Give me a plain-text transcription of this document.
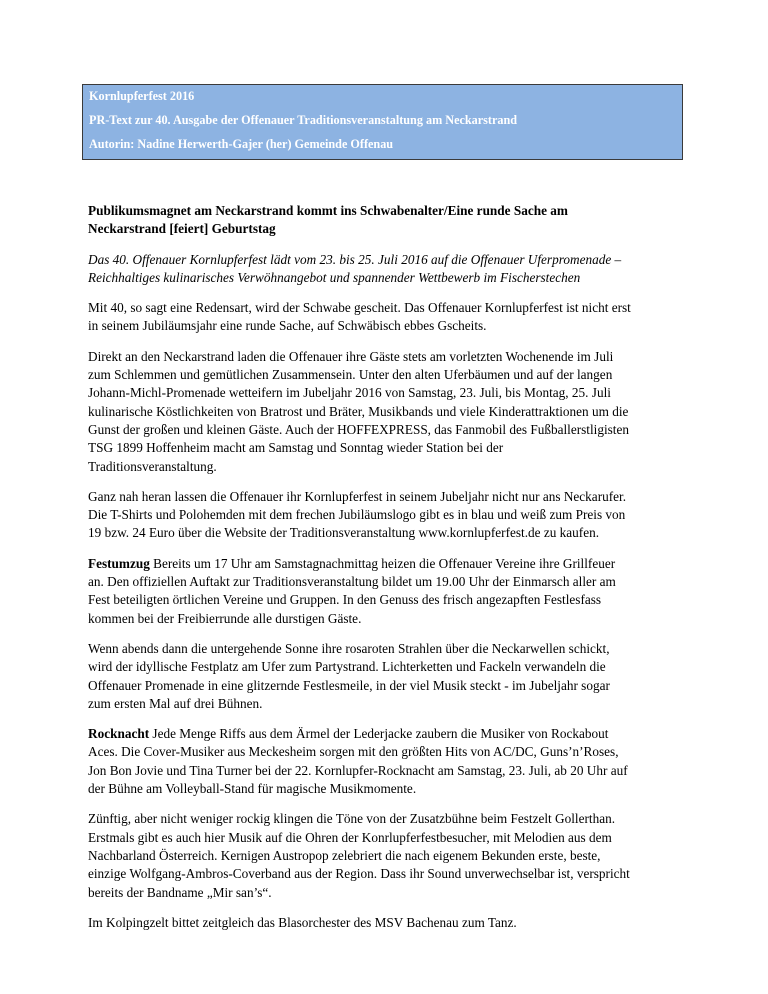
Kornlupferfest 2016
PR-Text zur 40. Ausgabe der Offenauer Traditionsveranstaltung am Neckarstrand
Autorin: Nadine Herwerth-Gajer (her) Gemeinde Offenau

Publikumsmagnet am Neckarstrand kommt ins Schwabenalter/Eine runde Sache am
Neckarstrand [feiert] Geburtstag

Das 40. Offenauer Kornlupferfest lädt vom 23. bis 25. Juli 2016 auf die Offenauer Uferpromenade –
Reichhaltiges kulinarisches Verwöhnangebot und spannender Wettbewerb im Fischerstechen

Mit 40, so sagt eine Redensart, wird der Schwabe gescheit. Das Offenauer Kornlupferfest ist nicht erst
in seinem Jubiläumsjahr eine runde Sache, auf Schwäbisch ebbes Gscheits.

Direkt an den Neckarstrand laden die Offenauer ihre Gäste stets am vorletzten Wochenende im Juli
zum Schlemmen und gemütlichen Zusammensein. Unter den alten Uferbäumen und auf der langen
Johann-Michl-Promenade wetteifern im Jubeljahr 2016 von Samstag, 23. Juli, bis Montag, 25. Juli
kulinarische Köstlichkeiten von Bratrost und Bräter, Musikbands und viele Kinderattraktionen um die
Gunst der großen und kleinen Gäste. Auch der HOFFEXPRESS, das Fanmobil des Fußballerstligisten
TSG 1899 Hoffenheim macht am Samstag und Sonntag wieder Station bei der
Traditionsveranstaltung.

Ganz nah heran lassen die Offenauer ihr Kornlupferfest in seinem Jubeljahr nicht nur ans Neckarufer.
Die T-Shirts und Polohemden mit dem frechen Jubiläumslogo gibt es in blau und weiß zum Preis von
19 bzw. 24 Euro über die Website der Traditionsveranstaltung www.kornlupferfest.de zu kaufen.

Festumzug Bereits um 17 Uhr am Samstagnachmittag heizen die Offenauer Vereine ihre Grillfeuer
an. Den offiziellen Auftakt zur Traditionsveranstaltung bildet um 19.00 Uhr der Einmarsch aller am
Fest beteiligten örtlichen Vereine und Gruppen. In den Genuss des frisch angezapften Festlesfass
kommen bei der Freibierrunde alle durstigen Gäste.

Wenn abends dann die untergehende Sonne ihre rosaroten Strahlen über die Neckarwellen schickt,
wird der idyllische Festplatz am Ufer zum Partystrand. Lichterketten und Fackeln verwandeln die
Offenauer Promenade in eine glitzernde Festlesmeile, in der viel Musik steckt - im Jubeljahr sogar
zum ersten Mal auf drei Bühnen.

Rocknacht Jede Menge Riffs aus dem Ärmel der Lederjacke zaubern die Musiker von Rockabout
Aces. Die Cover-Musiker aus Meckesheim sorgen mit den größten Hits von AC/DC, Guns’n’Roses,
Jon Bon Jovie und Tina Turner bei der 22. Kornlupfer-Rocknacht am Samstag, 23. Juli, ab 20 Uhr auf
der Bühne am Volleyball-Stand für magische Musikmomente.

Zünftig, aber nicht weniger rockig klingen die Töne von der Zusatzbühne beim Festzelt Gollerthan.
Erstmals gibt es auch hier Musik auf die Ohren der Konrlupferfestbesucher, mit Melodien aus dem
Nachbarland Österreich. Kernigen Austropop zelebriert die nach eigenem Bekunden erste, beste,
einzige Wolfgang-Ambros-Coverband aus der Region. Dass ihr Sound unverwechselbar ist, verspricht
bereits der Bandname „Mir san’s“.

Im Kolpingzelt bittet zeitgleich das Blasorchester des MSV Bachenau zum Tanz.
